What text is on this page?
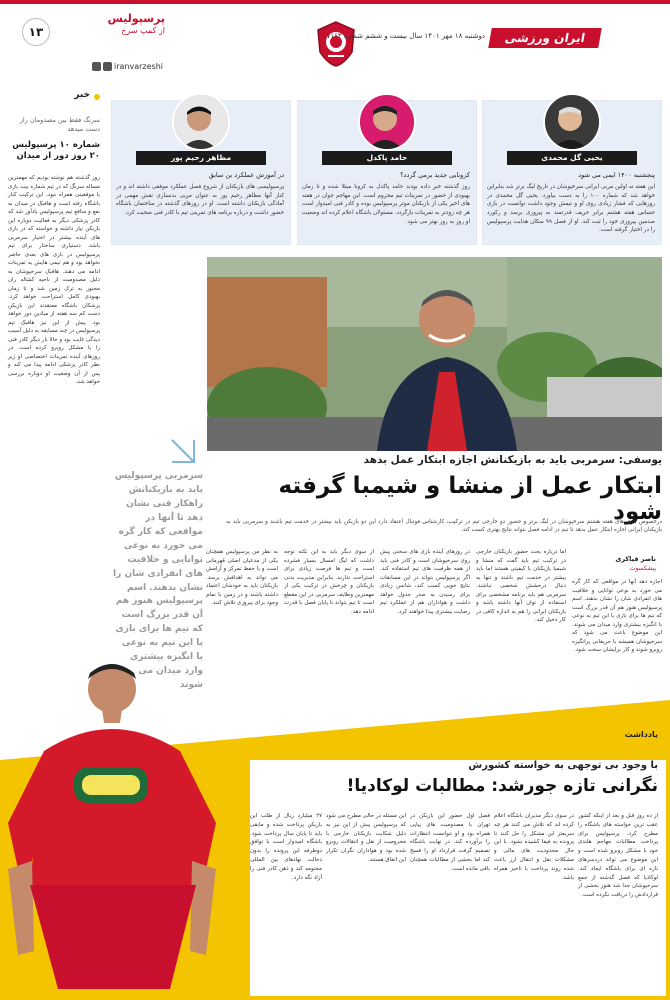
۱۳
پرسپولیس
از کمپ سرخ
iranvarzeshi
ایران ورزشی
دوشنبه ۱۸ مهر ۱۴۰۱ سال بیست و ششم شماره ۷۱۶۳
خبر
سرنگ فقط بین مصدومان راز دست میدهد
شماره ۱۰ پرسپولیس ۲۰ روز دور از میدان
روز گذشته هم نوشته بودیم که مهمترین مساله سرنگ که در تیم شماره بیت بازی با موفقیتی همراه نبود، این ترکیب کنار باشگاه رفته است و هافبک در میدان به نفع و منافع تیم پرسپولیس یادآور شد که کادر پزشکی دیگر به فعالیت دوباره این بازیکن نیاز داشته و خواسته که در بازی های آینده بیشتر در اختیار سرمربی باشد. دستیاری ساختار برای تیم پرسپولیس در بازی های بعدی حاضر نخواهد بود و هم تیمی هایش به تمرینات ادامه می دهند. هافبک سرخپوشان به دلیل مصدومیت از ناحیه کشاله ران مجبور به ترک زمین شد و تا زمان بهبودی کامل استراحت خواهد کرد. پزشکان باشگاه معتقدند این بازیکن دست کم سه هفته از میادین دور خواهد بود. پیش از این نیز هافبک تیم پرسپولیس در چند مسابقه به دلیل آسیب دیدگی غایب بود و حالا بار دیگر کادر فنی را با مشکل روبرو کرده است. در روزهای آینده تمرینات اختصاصی او زیر نظر کادر پزشکی ادامه پیدا می کند و پس از آن وضعیت او دوباره بررسی خواهد شد.
یحیی گل محمدی
پنجشنبه ۱۴۰۰ ایمی می شود
این هفته نه اولین مربی ایرانی سرخپوشان در تاریخ لیگ برتر شد بنابراین خواهد شد که شماره ۱۰۰ را به دست بیاورد. یحیی گل محمدی در روزهایی که فشار زیادی روی او و تیمش وجود داشت توانست در بازی حساس هفته هشتم برابر حریف قدرتمند به پیروزی برسد و رکورد صدمین پیروزی خود را ثبت کند. او از فصل ۹۹ سکان هدایت پرسپولیس را در اختیار گرفته است.
حامد پاکدل
کرونایی جدید برمی گردد؟
روز گذشته خبر داده بودند حامد پاکدل به کرونا مبتلا شده و تا زمان بهبودی از حضور در تمرینات تیم محروم است. این مهاجم جوان در هفته های اخیر یکی از بازیکنان موثر پرسپولیس بوده و کادر فنی امیدوار است هر چه زودتر به تمرینات بازگردد. مسئولان باشگاه اعلام کرده اند وضعیت او روز به روز بهتر می شود.
مظاهر رحیم پور
در آموزش عملکرد بن سابق
پرسپولیسی های بازیکنان از شروع فصل عملکرد موفقی داشته اند و در کنار آنها مظاهر رحیم پور به عنوان مربی بدنسازی نقش مهمی در آمادگی بازیکنان داشته است. او در روزهای گذشته در ساختمان باشگاه حضور داشت و درباره برنامه های تمرینی تیم با کادر فنی صحبت کرد.
یوسفی: سرمربی باید به بازیکنانش اجازه ابتکار عمل بدهد
ابتکار عمل از منشا و شیمبا گرفته شود
درخصوص بازی های هفته هشتم سرخپوشان در لیگ برتر و حضور دو خارجی تیم در ترکیب، کارشناس فوتبال اعتقاد دارد این دو بازیکن باید بیشتر در خدمت تیم باشند و سرمربی باید به بازیکنان ایرانی اجازه ابتکار عمل بدهد تا تیم در ادامه فصل بتواند نتایج بهتری کسب کند.
سرمربی پرسپولیس باید به بازیکنانش راهکار فنی نشان دهد تا آنها در مواقعی که کار گره می خورد به نوعی توانایی و خلاقیت های انفرادی شان را نشان بدهند. اسم پرسپولیس هنوز هم آن قدر بزرگ است که تیم ها برای بازی با این تیم به نوعی با انگیزه بیشتری وارد میدان می شوند
ناصر قیاکری
پیشکسوت
اجازه دهد آنها در مواقعی که کار گره می خورد به نوعی توانایی و خلاقیت های انفرادی شان را نشان بدهند. اسم پرسپولیس هنوز هم آن قدر بزرگ است که تیم ها برای بازی با این تیم به نوعی با انگیزه بیشتری وارد میدان می شوند. این موضوع باعث می شود که سرخپوشان همیشه با حریفانی پرانگیزه روبرو شوند و کار برایشان سخت شود.
اما درباره بحث حضور بازیکنان خارجی در ترکیب تیم باید گفت که منشا و شیمبا بازیکنان با کیفیتی هستند اما باید بیشتر در خدمت تیم باشند و تنها به دنبال درخشش شخصی نباشند. سرمربی هم باید برنامه مشخصی برای استفاده از توان آنها داشته باشد و بازیکنان ایرانی را هم به اندازه کافی در کار دخیل کند.
در روزهای آینده بازی های سختی پیش روی سرخپوشان است و کادر فنی باید از همه ظرفیت های تیم استفاده کند. اگر پرسپولیس بتواند در این مسابقات نتایج خوبی کسب کند، شانس زیادی برای رسیدن به صدر جدول خواهد داشت و هواداران هم از عملکرد تیم رضایت بیشتری پیدا خواهند کرد.
از سوی دیگر باید به این نکته توجه داشت که لیگ امسال بسیار فشرده است و تیم ها فرصت زیادی برای استراحت ندارند. بنابراین مدیریت بدنی بازیکنان و چرخش در ترکیب یکی از مهمترین وظایف سرمربی در این مقطع است تا تیم بتواند تا پایان فصل با قدرت ادامه دهد.
به نظر من پرسپولیس همچنان یکی از مدعیان اصلی قهرمانی است و با حفظ تمرکز و آرامش می تواند به اهدافش برسد. بازیکنان باید به خودشان اعتماد داشته باشند و در زمین با تمام وجود برای پیروزی تلاش کنند.
یادداشت
با وجود بی توجهی به خواسته کشورش
نگرانی تازه جورشد: مطالبات لوکادیا!
از ده روز قبل و بعد از اینکه کشور عقب ترین خواسته های باشگاه را مطرح کرد، پرسپولیس برای پرداخت مطالبات مهاجم هلندی خود با مشکل روبرو شده است و این موضوع می تواند دردسرهای تازه ای برای باشگاه ایجاد کند. لوکادیا که فصل گذشته از جمع سرخپوشان جدا شد هنوز بخشی از قراردادش را دریافت نکرده است.
در سوی دیگر مدیران باشگاه اعلام کرده اند که تلاش می کنند هر چه سریعتر این مشکل را حل کنند تا پرونده به فیفا کشیده نشود. با این حال محدودیت های مالی و مشکلات نقل و انتقال ارز باعث شده روند پرداخت با تاخیر همراه باشد.
فصل اول حضور این بازیکن در تهران با مصدومیت های پیاپی همراه بود و او نتوانست انتظارات را برآورده کند. در نهایت باشگاه تصمیم گرفت قرارداد او را فسخ کند اما بخشی از مطالبات همچنان باقی مانده است.
این مسئله در حالی مطرح می شود که پرسپولیس پیش از این نیز به دلیل شکایت بازیکنان خارجی با محرومیت از نقل و انتقالات روبرو شده بود و هواداران نگران تکرار این اتفاق هستند.
۲۷ میلیارد ریال از طلب این بازیکن پرداخت شده و مابقی باید تا پایان سال پرداخت شود. باشگاه امیدوار است با توافق دوطرفه این پرونده را بدون دخالت نهادهای بین المللی مختومه کند و ذهن کادر فنی را آزاد نگه دارد.
